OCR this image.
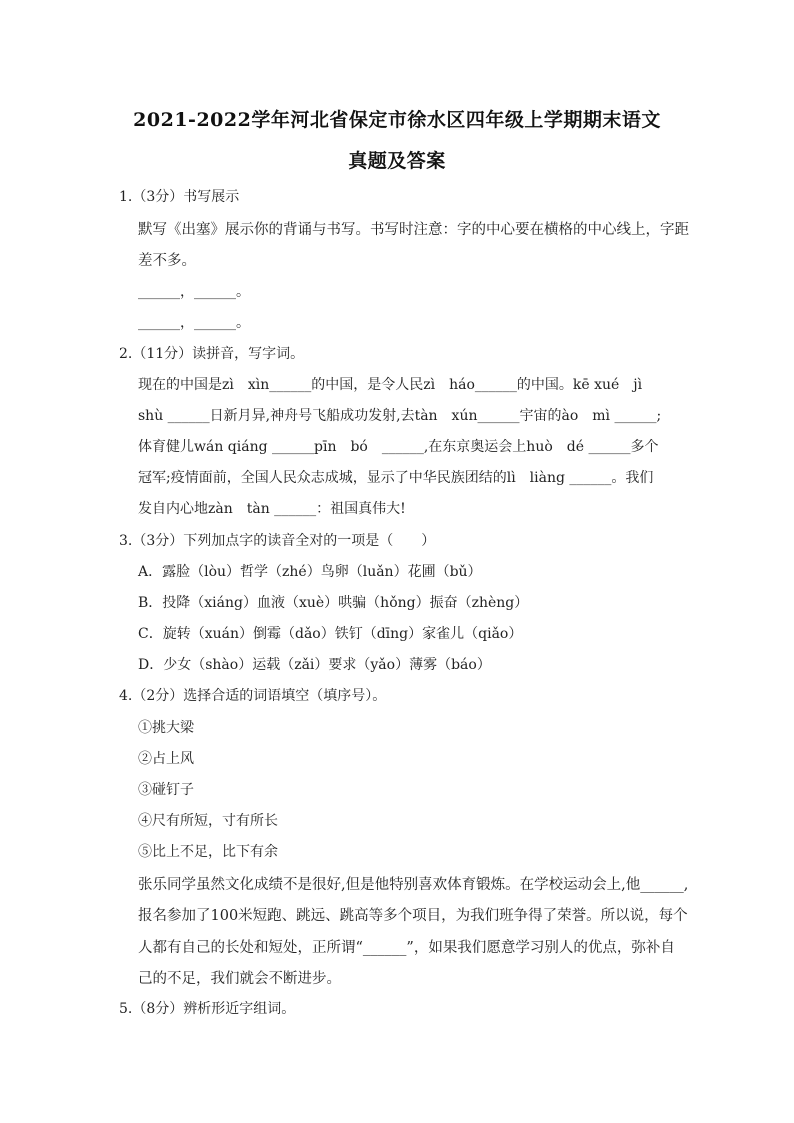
2021-2022学年河北省保定市徐水区四年级上学期期末语文
真题及答案
1.（3分）书写展示
默写《出塞》展示你的背诵与书写。书写时注意：字的中心要在横格的中心线上，字距
差不多。
______，______。
______，______。
2.（11分）读拼音，写字词。
现在的中国是zì　xìn______的中国，是令人民zì　háo______的中国。kē xué　jì
shù ______日新月异,神舟号飞船成功发射,去tàn　xún______宇宙的ào　mì ______;
体育健儿wán qiáng ______pīn　bó　______,在东京奥运会上huò　dé ______多个
冠军;疫情面前，全国人民众志成城，显示了中华民族团结的lì　liàng ______。我们
发自内心地zàn　tàn ______：祖国真伟大!
3.（3分）下列加点字的读音全对的一项是（　　）
A．露脸（lòu）哲学（zhé）鸟卵（luǎn）花圃（bǔ）
B．投降（xiáng）血液（xuè）哄骗（hǒng）振奋（zhèng）
C．旋转（xuán）倒霉（dǎo）铁钉（dīng）家雀儿（qiǎo）
D．少女（shào）运载（zǎi）要求（yǎo）薄雾（báo）
4.（2分）选择合适的词语填空（填序号）。
①挑大梁
②占上风
③碰钉子
④尺有所短，寸有所长
⑤比上不足，比下有余
张乐同学虽然文化成绩不是很好,但是他特别喜欢体育锻炼。在学校运动会上,他______,
报名参加了100米短跑、跳远、跳高等多个项目，为我们班争得了荣誉。所以说，每个
人都有自己的长处和短处，正所谓“______”，如果我们愿意学习别人的优点，弥补自
己的不足，我们就会不断进步。
5.（8分）辨析形近字组词。
